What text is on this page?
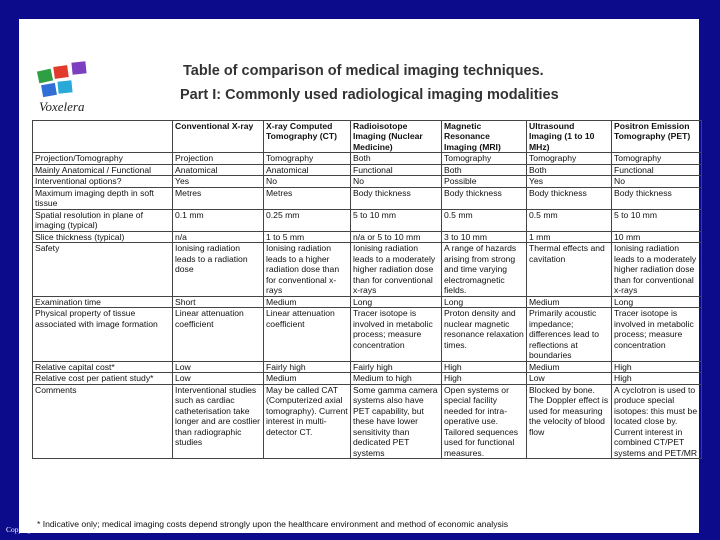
Voxelera
Table of comparison of medical imaging techniques.
Part I: Commonly used radiological imaging modalities
	Conventional X-ray	X-ray Computed Tomography (CT)	Radioisotope Imaging (Nuclear Medicine)	Magnetic Resonance Imaging (MRI)	Ultrasound Imaging (1 to 10 MHz)	Positron Emission Tomography (PET)
Projection/Tomography	Projection	Tomography	Both	Tomography	Tomography	Tomography
Mainly Anatomical / Functional	Anatomical	Anatomical	Functional	Both	Both	Functional
Interventional options?	Yes	No	No	Possible	Yes	No
Maximum imaging depth in soft tissue	Metres	Metres	Body thickness	Body thickness	Body thickness	Body thickness
Spatial resolution in plane of imaging (typical)	0.1 mm	0.25 mm	5 to 10 mm	0.5 mm	0.5 mm	5 to 10 mm
Slice thickness (typical)	n/a	1 to 5 mm	n/a or 5 to 10 mm	3 to 10 mm	1 mm	10 mm
Safety	Ionising radiation leads to a radiation dose	Ionising radiation leads to a higher radiation dose than for conventional x-rays	Ionising radiation leads to a moderately higher radiation dose than for conventional x-rays	A range of hazards arising from strong and time varying electromagnetic fields.	Thermal effects and cavitation	Ionising radiation leads to a moderately higher radiation dose than for conventional x-rays
Examination time	Short	Medium	Long	Long	Medium	Long
Physical property of tissue associated with image formation	Linear attenuation coefficient	Linear attenuation coefficient	Tracer isotope is involved in metabolic process; measure concentration	Proton density and nuclear magnetic resonance relaxation times.	Primarily acoustic impedance; differences lead to reflections at boundaries	Tracer isotope is involved in metabolic process; measure concentration
Relative capital cost*	Low	Fairly high	Fairly high	High	Medium	High
Relative cost per patient study*	Low	Medium	Medium to high	High	Low	High
Comments	Interventional studies such as cardiac catheterisation take longer and are costlier than radiographic studies	May be called CAT (Computerized axial tomography). Current interest in multi-detector CT.	Some gamma camera systems also have PET capability, but these have lower sensitivity than dedicated PET systems	Open systems or special facility needed for intra-operative use. Tailored sequences used for functional measures.	Blocked by bone. The Doppler effect is used for measuring the velocity of blood flow	A cyclotron is used to produce special isotopes: this must be located close by. Current interest in combined CT/PET systems and PET/MR
* Indicative only; medical imaging costs depend strongly upon the healthcare environment and method of economic analysis
Copyright L. Joskowicz, 2011
